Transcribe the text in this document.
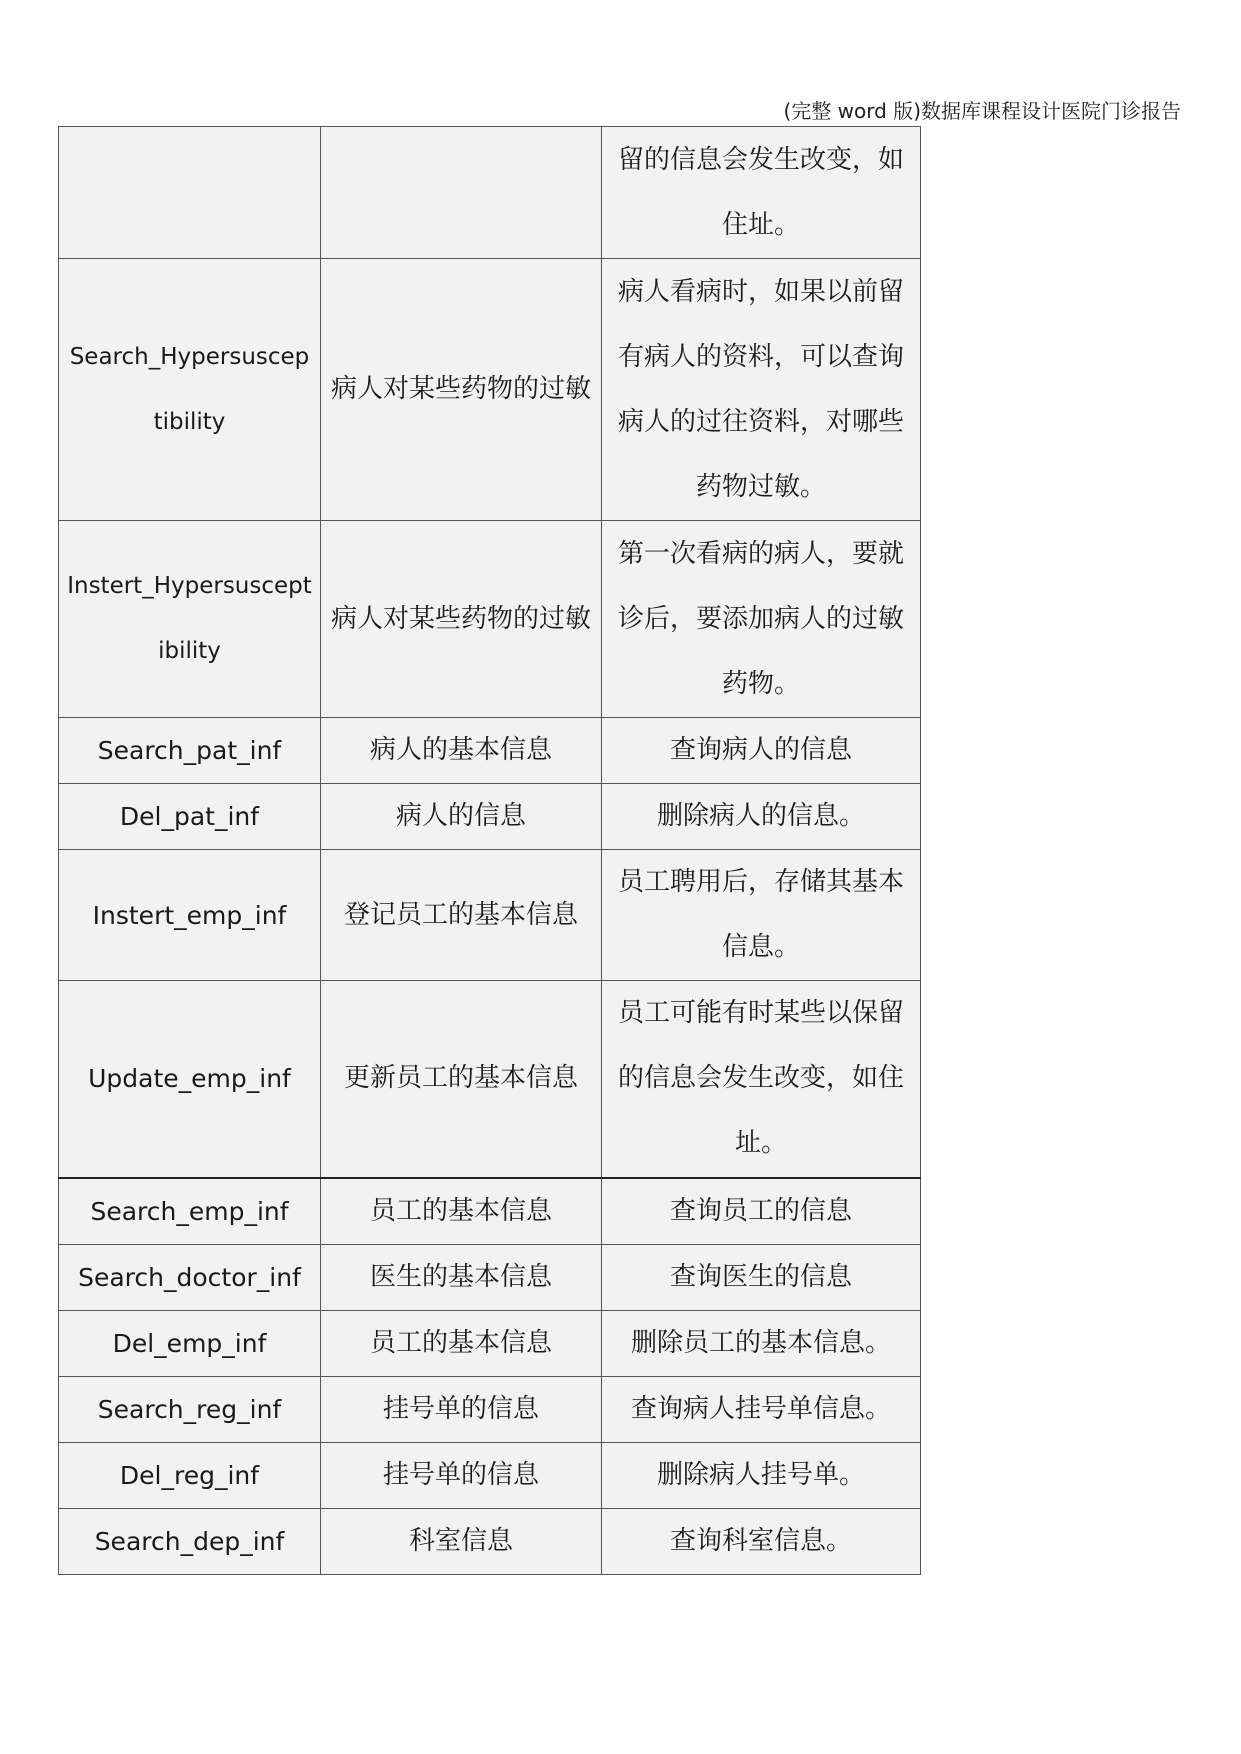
(完整 word 版)数据库课程设计医院门诊报告
		留的信息会发生改变，如住址。
Search_Hypersusceptibility	病人对某些药物的过敏	病人看病时，如果以前留有病人的资料，可以查询病人的过往资料，对哪些药物过敏。
Instert_Hypersusceptibility	病人对某些药物的过敏	第一次看病的病人，要就诊后，要添加病人的过敏药物。
Search_pat_inf	病人的基本信息	查询病人的信息
Del_pat_inf	病人的信息	删除病人的信息。
Instert_emp_inf	登记员工的基本信息	员工聘用后，存储其基本信息。
Update_emp_inf	更新员工的基本信息	员工可能有时某些以保留的信息会发生改变，如住址。
Search_emp_inf	员工的基本信息	查询员工的信息
Search_doctor_inf	医生的基本信息	查询医生的信息
Del_emp_inf	员工的基本信息	删除员工的基本信息。
Search_reg_inf	挂号单的信息	查询病人挂号单信息。
Del_reg_inf	挂号单的信息	删除病人挂号单。
Search_dep_inf	科室信息	查询科室信息。
